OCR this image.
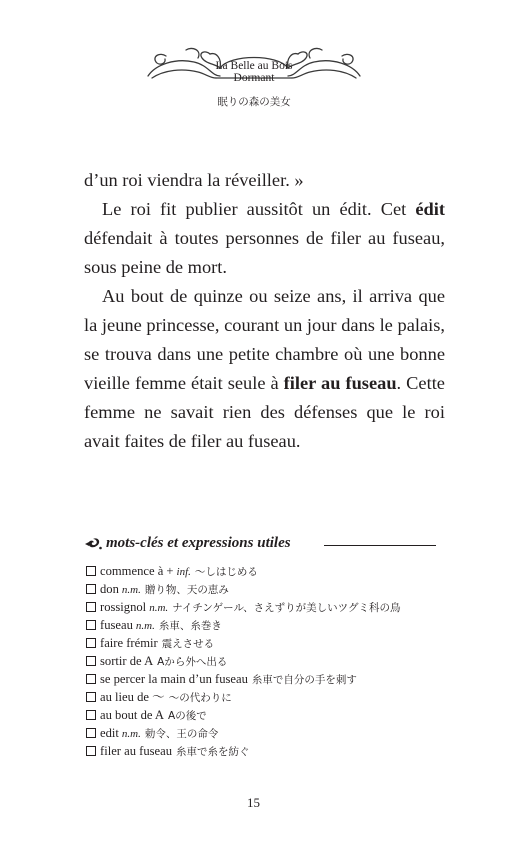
La Belle au Bois
Dormant
眠りの森の美女

d’un roi viendra la réveiller. »

Le roi fit publier aussitôt un édit. Cet édit défendait à toutes personnes de filer au fuseau, sous peine de mort.

Au bout de quinze ou seize ans, il arriva que la jeune princesse, courant un jour dans le palais, se trouva dans une petite chambre où une bonne vieille femme était seule à filer au fuseau. Cette femme ne savait rien des défenses que le roi avait faites de filer au fuseau.

mots-clés et expressions utiles
commence à + inf. 〜しはじめる
don n.m. 贈り物、天の恵み
rossignol n.m. ナイチンゲール、さえずりが美しいツグミ科の鳥
fuseau n.m. 糸車、糸巻き
faire frémir 震えさせる
sortir de A Aから外へ出る
se percer la main d’un fuseau 糸車で自分の手を刺す
au lieu de 〜 〜の代わりに
au bout de A Aの後で
edit n.m. 勅令、王の命令
filer au fuseau 糸車で糸を紡ぐ
15
